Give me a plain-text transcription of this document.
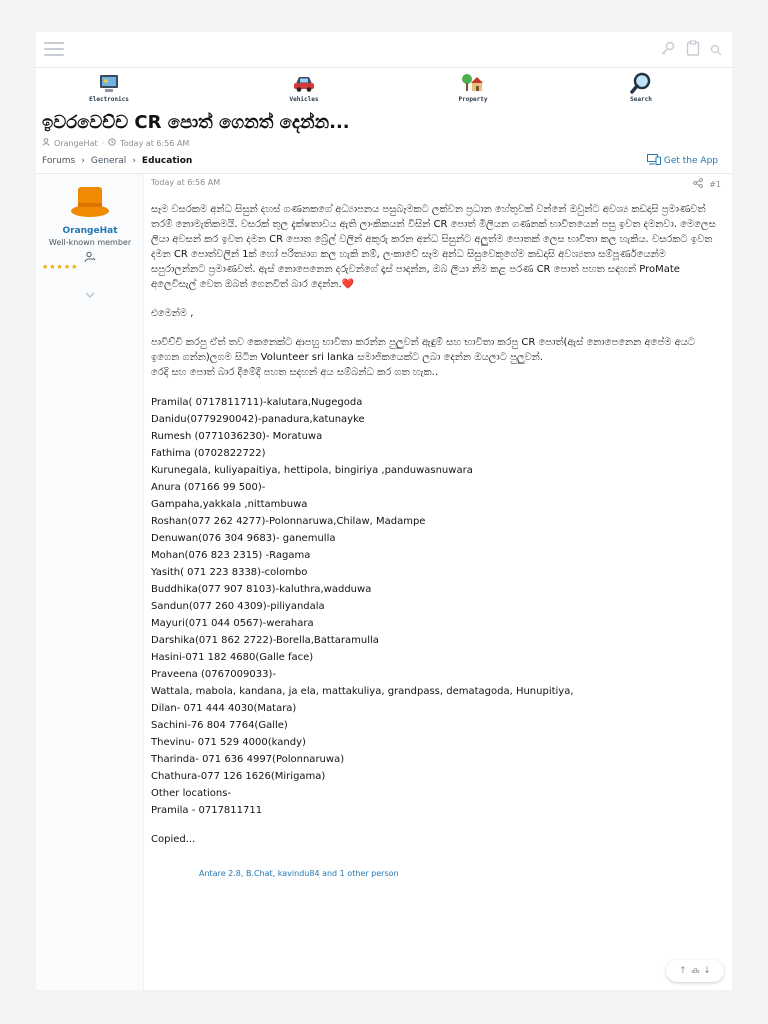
Electronics	Vehicles	Property	Search
ඉවරවෙච්ච CR පොත් ගෙනත් දෙන්න...
OrangeHat · Today at 6:56 AM
Forums › General › Education	Get the App
OrangeHat
Well-known member
★★★★★
Today at 6:56 AM	#1
සෑම වසරකම අන්ධ සිසුන් දහස් ගණනකගේ අධ්‍යාපනය පසුබෑමකට ලක්වන ප්‍රධාන හේතුවක් වන්නේ ඔවුන්ට අවශ්‍ය කඩදාසි ප්‍රමාණවත් තරම් නොමැතිකමයි. වසරක් තුල දැක්ෂතාවය ඇති ලාංකිකයන් විසින් CR පොත් මිලියන ගණනක් භාවිතයෙන් පසු ඉවත දමනවා. මෙලෙස ලියා අවසන් කර ඉවත දමන CR පොත බ්‍රේල් වලින් අකුරු කරන අන්ධ සිසුන්ට අලුත්ම පොතක් ලෙස භාවිතා කල හැකිය. වසරකට ඉවත දමන CR පොත්වලින් 1ක් හෝ පරිත්‍යාග කල හැකි නම්, ලංකාවේ සෑම අන්ධ සිසුවෙකුගේම කඩදාසි අවශ්‍යතා සම්පූර්ණයෙන්ම සපුරාලන්නට ප්‍රමාණවත්. ඇස් නොපෙනෙන දරුවන්ගේ දෑස් පාදන්න, ඔබ ලියා නිම කළ පරණ CR පොත් පහත සඳහන් ProMate අලෙවිසැල් වෙත ඔබත් ගෙනවිත් බාර දෙන්න.❤️
එමෙන්ම ,
පාවිච්චි කරපු ඒත් තව කෙනෙක්ට ආපහු භාවිතා කරන්න පුලුවන් ඇඳුම් සහ භාවිතා කරපු CR පොත්(ඇස් නොපෙනෙන අපේම අයට ඉගෙන ගන්න)ලගම සිටින Volunteer sri lanka සමාජිකයෙක්ට ලබා දෙන්න ඔයලාට පුලුවන්.
රෙදි සහ පොත් බාර දීමේදී පහත සදහන් අය සම්බන්ධ කර ගත හැක..
Pramila( 0717811711)-kalutara,Nugegoda
Danidu(0779290042)-panadura,katunayke
Rumesh (0771036230)- Moratuwa
Fathima (0702822722)
Kurunegala, kuliyapaitiya, hettipola, bingiriya ,panduwasnuwara
Anura (07166 99 500)-
Gampaha,yakkala ,nittambuwa
Roshan(077 262 4277)-Polonnaruwa,Chilaw, Madampe
Denuwan(076 304 9683)- ganemulla
Mohan(076 823 2315) -Ragama
Yasith( 071 223 8338)-colombo
Buddhika(077 907 8103)-kaluthra,wadduwa
Sandun(077 260 4309)-piliyandala
Mayuri(071 044 0567)-werahara
Darshika(071 862 2722)-Borella,Battaramulla
Hasini-071 182 4680(Galle face)
Praveena (0767009033)-
Wattala, mabola, kandana, ja ela, mattakuliya, grandpass, dematagoda, Hunupitiya,
Dilan- 071 444 4030(Matara)
Sachini-76 804 7764(Galle)
Thevinu- 071 529 4000(kandy)
Tharinda- 071 636 4997(Polonnaruwa)
Chathura-077 126 1626(Mirigama)
Other locations-
Pramila - 0717811711
Copied...
Antare 2.8, B.Chat, kavindu84 and 1 other person
↑ ക ↓
